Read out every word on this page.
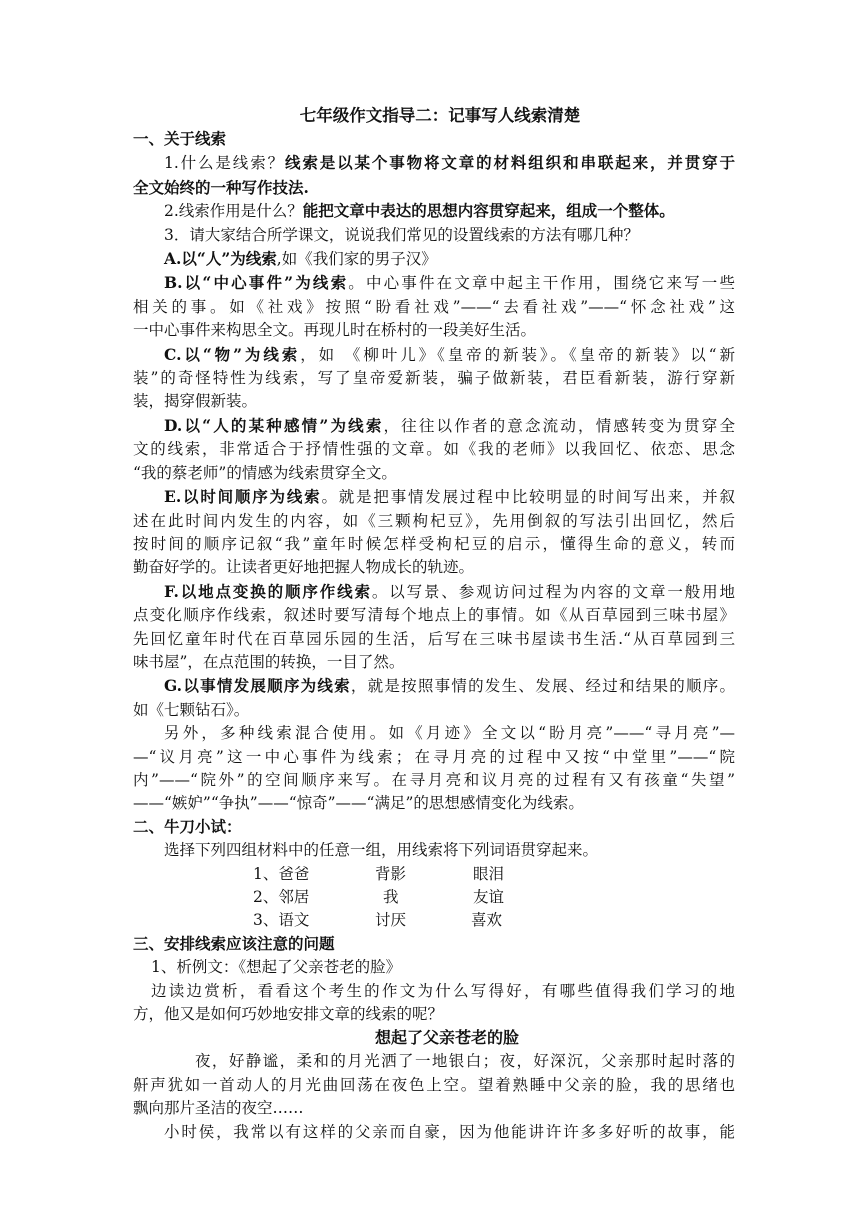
七年级作文指导二：记事写人线索清楚
一、关于线索
1.什么是线索？线索是以某个事物将文章的材料组织和串联起来，并贯穿于
全文始终的一种写作技法.
2.线索作用是什么？能把文章中表达的思想内容贯穿起来，组成一个整体。
3．请大家结合所学课文，说说我们常见的设置线索的方法有哪几种？
A.以“人”为线索,如《我们家的男子汉》
B.以“中心事件”为线索。中心事件在文章中起主干作用，围绕它来写一些
相关的事。如《社戏》按照“盼看社戏”——“去看社戏”——“怀念社戏”这
一中心事件来构思全文。再现儿时在桥村的一段美好生活。
C.以“物”为线索，如 《柳叶儿》《皇帝的新装》。《皇帝的新装》以“新
装”的奇怪特性为线索，写了皇帝爱新装，骗子做新装，君臣看新装，游行穿新
装，揭穿假新装。
D.以“人的某种感情”为线索，往往以作者的意念流动，情感转变为贯穿全
文的线索，非常适合于抒情性强的文章。如《我的老师》以我回忆、依恋、思念
“我的蔡老师”的情感为线索贯穿全文。
E.以时间顺序为线索。就是把事情发展过程中比较明显的时间写出来，并叙
述在此时间内发生的内容，如《三颗枸杞豆》，先用倒叙的写法引出回忆，然后
按时间的顺序记叙“我”童年时候怎样受枸杞豆的启示，懂得生命的意义，转而
勤奋好学的。让读者更好地把握人物成长的轨迹。
F.以地点变换的顺序作线索。以写景、参观访问过程为内容的文章一般用地
点变化顺序作线索，叙述时要写清每个地点上的事情。如《从百草园到三味书屋》
先回忆童年时代在百草园乐园的生活，后写在三味书屋读书生活.“从百草园到三
味书屋”，在点范围的转换，一目了然。
G.以事情发展顺序为线索，就是按照事情的发生、发展、经过和结果的顺序。
如《七颗钻石》。
另外，多种线索混合使用。如《月迹》全文以“盼月亮”——“寻月亮”—
—“议月亮”这一中心事件为线索；在寻月亮的过程中又按“中堂里”——“院
内”——“院外”的空间顺序来写。在寻月亮和议月亮的过程有又有孩童“失望”
——“嫉妒”“争执”——“惊奇”——“满足”的思想感情变化为线索。
二、牛刀小试：
选择下列四组材料中的任意一组，用线索将下列词语贯穿起来。
1、爸爸	背影	眼泪
2、邻居	我	友谊
3、语文	讨厌	喜欢
三、安排线索应该注意的问题
1、析例文：《想起了父亲苍老的脸》
边读边赏析，看看这个考生的作文为什么写得好，有哪些值得我们学习的地
方，他又是如何巧妙地安排文章的线索的呢？
想起了父亲苍老的脸
夜，好静谧，柔和的月光洒了一地银白；夜，好深沉，父亲那时起时落的
鼾声犹如一首动人的月光曲回荡在夜色上空。望着熟睡中父亲的脸，我的思绪也
飘向那片圣洁的夜空……
小时侯，我常以有这样的父亲而自豪，因为他能讲许许多多好听的故事，能
